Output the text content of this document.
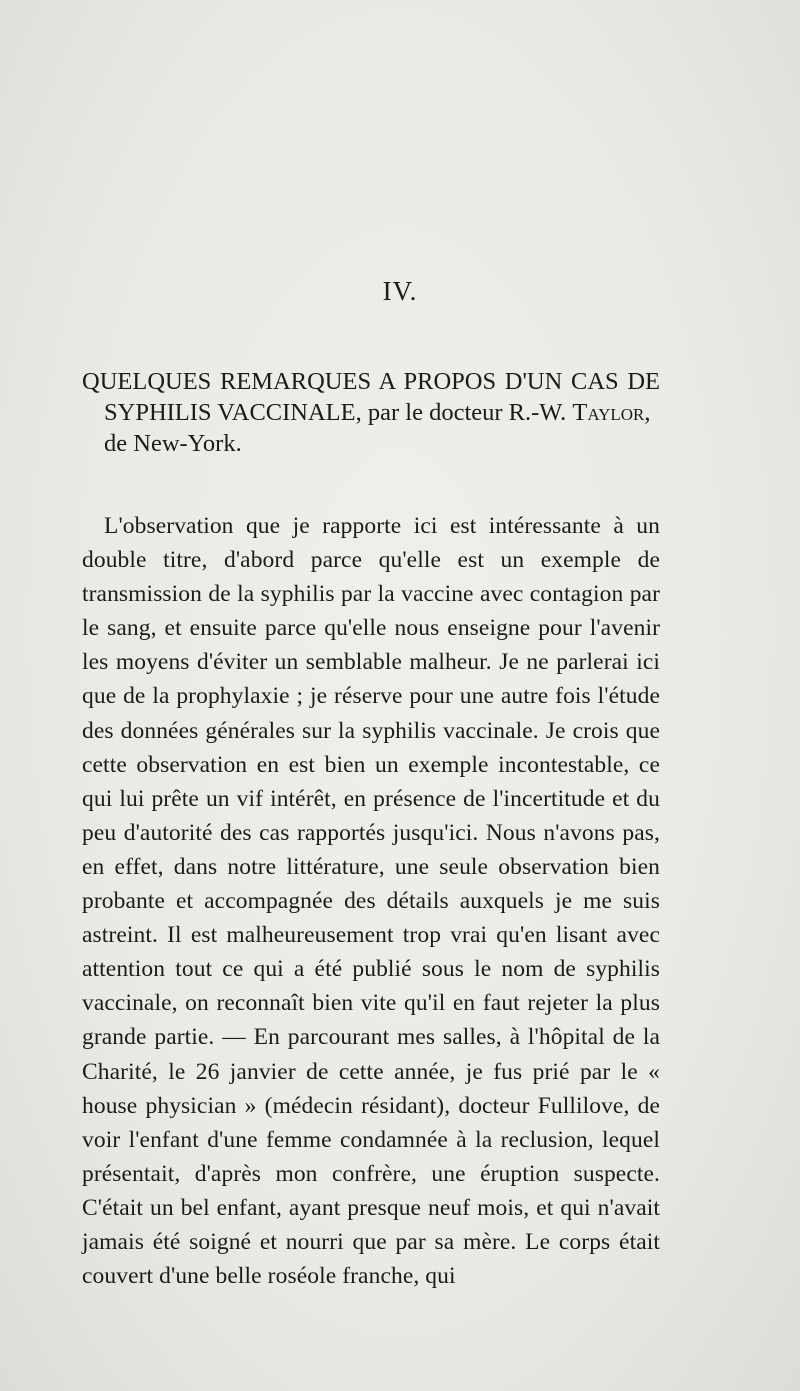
IV.
QUELQUES REMARQUES A PROPOS D'UN CAS DE
SYPHILIS VACCINALE, par le docteur R.-W. Taylor,
de New-York.
L'observation que je rapporte ici est intéressante à un double titre, d'abord parce qu'elle est un exemple de transmission de la syphilis par la vaccine avec contagion par le sang, et ensuite parce qu'elle nous enseigne pour l'avenir les moyens d'éviter un semblable malheur. Je ne parlerai ici que de la prophylaxie ; je réserve pour une autre fois l'étude des données générales sur la syphilis vaccinale. Je crois que cette observation en est bien un exemple incontestable, ce qui lui prête un vif intérêt, en présence de l'incertitude et du peu d'autorité des cas rapportés jusqu'ici. Nous n'avons pas, en effet, dans notre littérature, une seule observation bien probante et accompagnée des détails auxquels je me suis astreint. Il est malheureusement trop vrai qu'en lisant avec attention tout ce qui a été publié sous le nom de syphilis vaccinale, on reconnaît bien vite qu'il en faut rejeter la plus grande partie. — En parcourant mes salles, à l'hôpital de la Charité, le 26 janvier de cette année, je fus prié par le « house physician » (médecin résidant), docteur Fullilove, de voir l'enfant d'une femme condamnée à la reclusion, lequel présentait, d'après mon confrère, une éruption suspecte. C'était un bel enfant, ayant presque neuf mois, et qui n'avait jamais été soigné et nourri que par sa mère. Le corps était couvert d'une belle roséole franche, qui
